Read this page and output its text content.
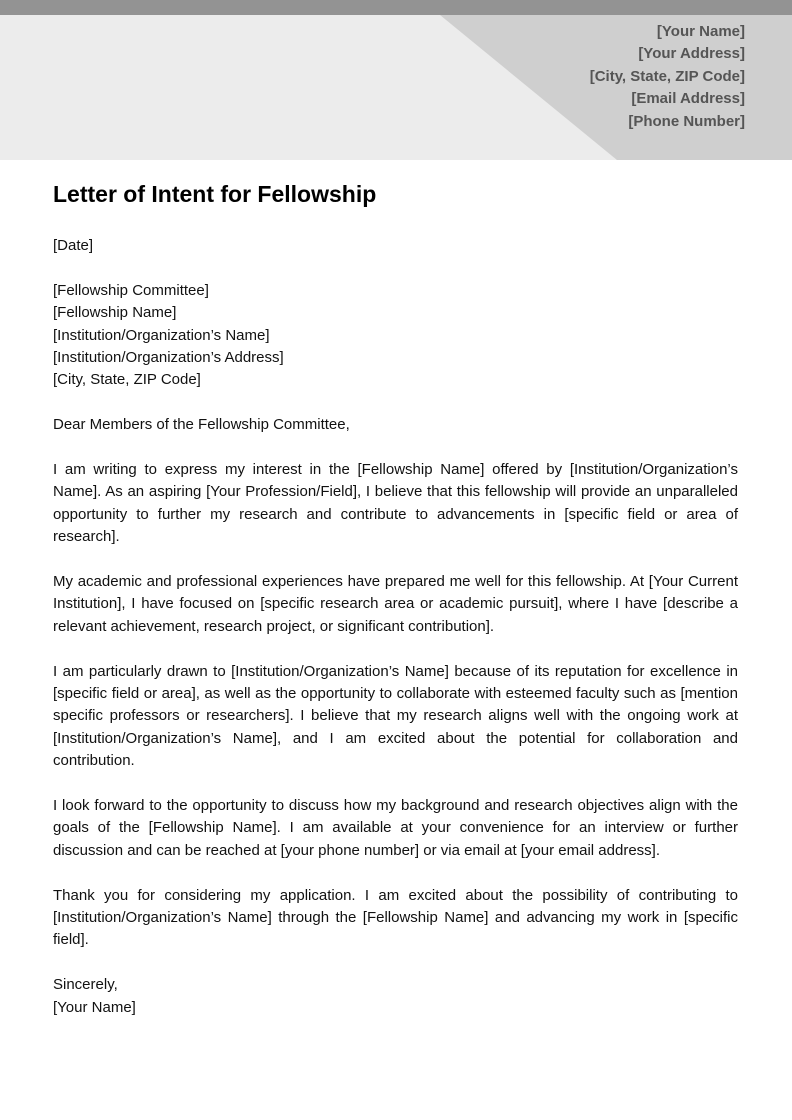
[Your Name]
[Your Address]
[City, State, ZIP Code]
[Email Address]
[Phone Number]
Letter of Intent for Fellowship
[Date]
[Fellowship Committee]
[Fellowship Name]
[Institution/Organization’s Name]
[Institution/Organization’s Address]
[City, State, ZIP Code]
Dear Members of the Fellowship Committee,
I am writing to express my interest in the [Fellowship Name] offered by [Institution/Organization’s Name]. As an aspiring [Your Profession/Field], I believe that this fellowship will provide an unparalleled opportunity to further my research and contribute to advancements in [specific field or area of research].
My academic and professional experiences have prepared me well for this fellowship. At [Your Current Institution], I have focused on [specific research area or academic pursuit], where I have [describe a relevant achievement, research project, or significant contribution].
I am particularly drawn to [Institution/Organization’s Name] because of its reputation for excellence in [specific field or area], as well as the opportunity to collaborate with esteemed faculty such as [mention specific professors or researchers]. I believe that my research aligns well with the ongoing work at [Institution/Organization’s Name], and I am excited about the potential for collaboration and contribution.
I look forward to the opportunity to discuss how my background and research objectives align with the goals of the [Fellowship Name]. I am available at your convenience for an interview or further discussion and can be reached at [your phone number] or via email at [your email address].
Thank you for considering my application. I am excited about the possibility of contributing to [Institution/Organization’s Name] through the [Fellowship Name] and advancing my work in [specific field].
Sincerely,
[Your Name]
